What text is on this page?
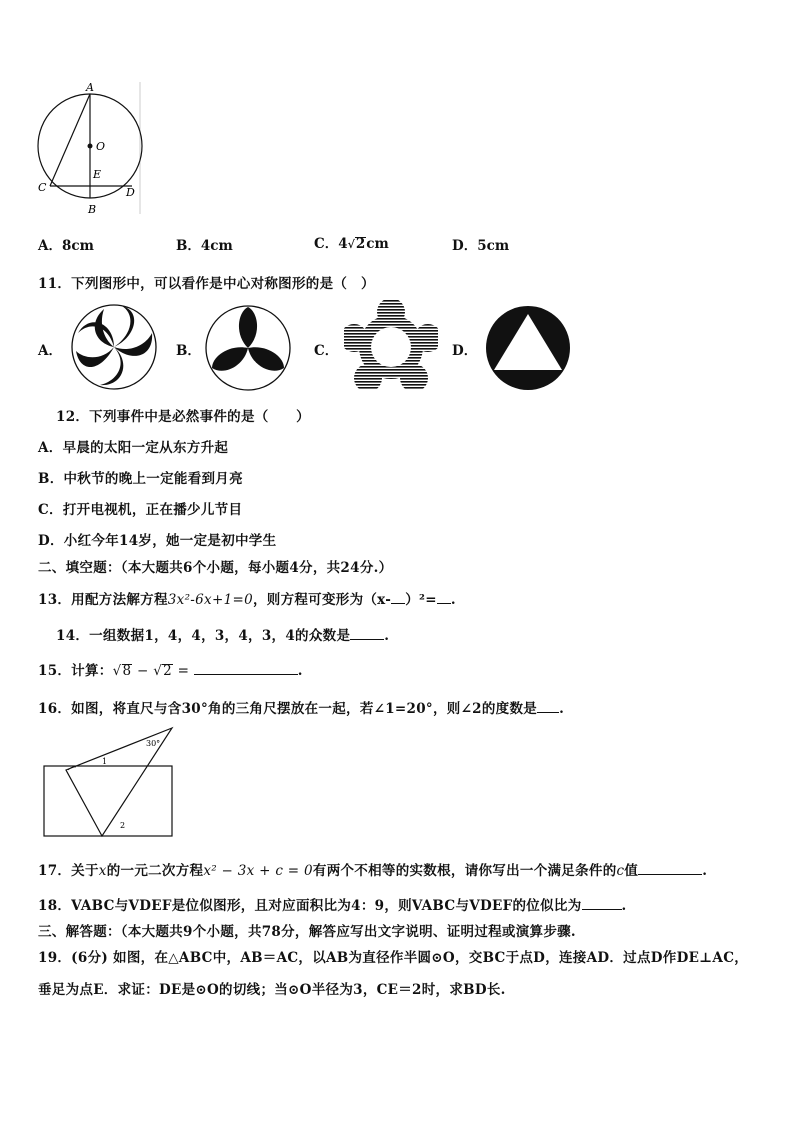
A
O
E
C	D
B
A．8cm	B．4cm	C．4√2cm	D．5cm
11．下列图形中，可以看作是中心对称图形的是（　）
A．	B．	C．	D．
12．下列事件中是必然事件的是（　　）
A．早晨的太阳一定从东方升起
B．中秋节的晚上一定能看到月亮
C．打开电视机，正在播少儿节目
D．小红今年14岁，她一定是初中学生
二、填空题：（本大题共6个小题，每小题4分，共24分.）
13．用配方法解方程3x²-6x+1=0，则方程可变形为（x- ）²= .
14．一组数据1，4，4，3，4，3，4的众数是	.
15．计算：√8 − √2 =	.
16．如图，将直尺与含30°角的三角尺摆放在一起，若∠1=20°，则∠2的度数是 .
30°
1
2
17．关于x的一元二次方程x² − 3x + c = 0有两个不相等的实数根，请你写出一个满足条件的c值	.
18．VABC与VDEF是位似图形，且对应面积比为4：9，则VABC与VDEF的位似比为	.
三、解答题：（本大题共9个小题，共78分，解答应写出文字说明、证明过程或演算步骤.
19．(6分) 如图，在△ABC中，AB＝AC，以AB为直径作半圆⊙O，交BC于点D，连接AD．过点D作DE⊥AC，
垂足为点E．求证：DE是⊙O的切线；当⊙O半径为3，CE＝2时，求BD长.
